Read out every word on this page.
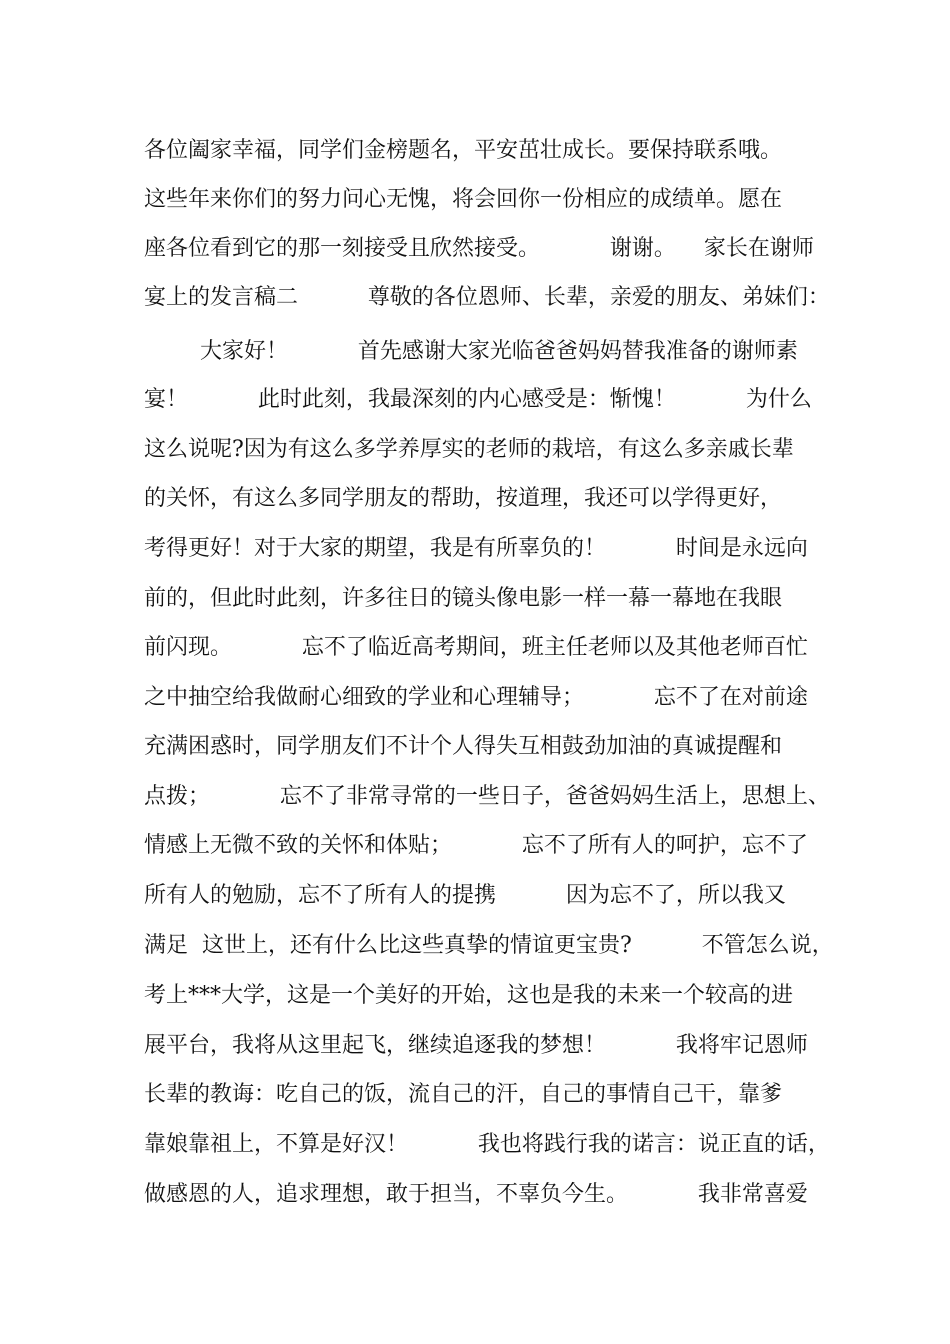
各位阖家幸福，同学们金榜题名，平安茁壮成长。要保持联系哦。
这些年来你们的努力问心无愧，将会回你一份相应的成绩单。愿在
座各位看到它的那一刻接受且欣然接受。          谢谢。    家长在谢师
宴上的发言稿二          尊敬的各位恩师、长辈，亲爱的朋友、弟妹们：
大家好！          首先感谢大家光临爸爸妈妈替我准备的谢师素
宴！          此时此刻，我最深刻的内心感受是：惭愧！          为什么
这么说呢?因为有这么多学养厚实的老师的栽培，有这么多亲戚长辈
的关怀，有这么多同学朋友的帮助，按道理，我还可以学得更好，
考得更好！对于大家的期望，我是有所辜负的！          时间是永远向
前的，但此时此刻，许多往日的镜头像电影一样一幕一幕地在我眼
前闪现。          忘不了临近高考期间，班主任老师以及其他老师百忙
之中抽空给我做耐心细致的学业和心理辅导；          忘不了在对前途
充满困惑时，同学朋友们不计个人得失互相鼓劲加油的真诚提醒和
点拨；          忘不了非常寻常的一些日子，爸爸妈妈生活上，思想上、
情感上无微不致的关怀和体贴；          忘不了所有人的呵护，忘不了
所有人的勉励，忘不了所有人的提携          因为忘不了，所以我又
满足  这世上，还有什么比这些真挚的情谊更宝贵?          不管怎么说，
考上***大学，这是一个美好的开始，这也是我的未来一个较高的进
展平台，我将从这里起飞，继续追逐我的梦想！          我将牢记恩师
长辈的教诲：吃自己的饭，流自己的汗，自己的事情自己干，靠爹
靠娘靠祖上，不算是好汉！          我也将践行我的诺言：说正直的话，
做感恩的人，追求理想，敢于担当，不辜负今生。          我非常喜爱
